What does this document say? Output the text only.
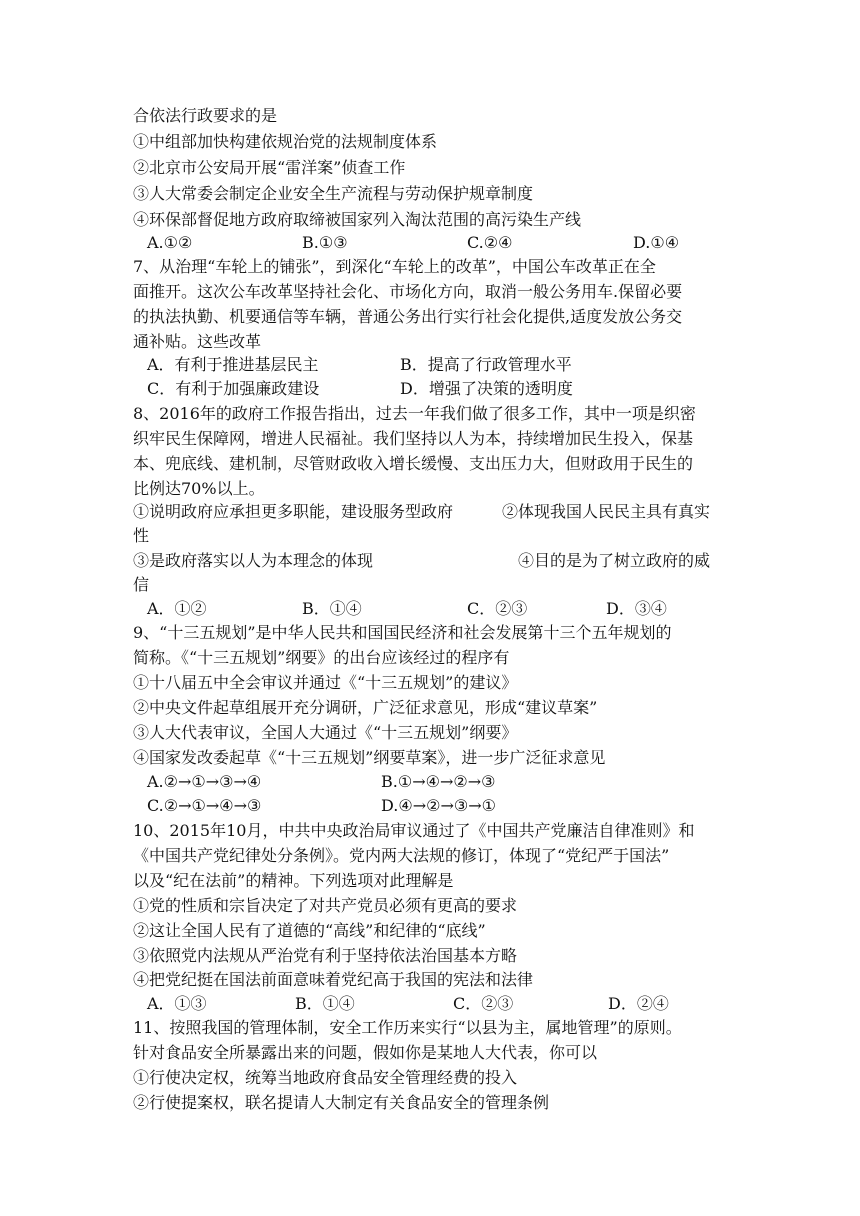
合依法行政要求的是
①中组部加快构建依规治党的法规制度体系
②北京市公安局开展“雷洋案”侦查工作
③人大常委会制定企业安全生产流程与劳动保护规章制度
④环保部督促地方政府取缔被国家列入淘汰范围的高污染生产线
A.①②	B.①③	C.②④	D.①④
7、从治理“车轮上的铺张”，到深化“车轮上的改革”，中国公车改革正在全
面推开。这次公车改革坚持社会化、市场化方向，取消一般公务用车.保留必要
的执法执勤、机要通信等车辆，普通公务出行实行社会化提供,适度发放公务交
通补贴。这些改革
A．有利于推进基层民主	B．提高了行政管理水平
C．有利于加强廉政建设	D．增强了决策的透明度
8、2016年的政府工作报告指出，过去一年我们做了很多工作，其中一项是织密
织牢民生保障网，增进人民福祉。我们坚持以人为本，持续增加民生投入，保基
本、兜底线、建机制，尽管财政收入增长缓慢、支出压力大，但财政用于民生的
比例达70%以上。
①说明政府应承担更多职能，建设服务型政府	②体现我国人民民主具有真实
性
③是政府落实以人为本理念的体现	④目的是为了树立政府的威
信
A．①②	B．①④	C．②③	D．③④
9、“十三五规划”是中华人民共和国国民经济和社会发展第十三个五年规划的
简称。《“十三五规划”纲要》的出台应该经过的程序有
①十八届五中全会审议并通过《“十三五规划”的建议》
②中央文件起草组展开充分调研，广泛征求意见，形成“建议草案”
③人大代表审议，全国人大通过《“十三五规划”纲要》
④国家发改委起草《“十三五规划”纲要草案》，进一步广泛征求意见
A.②→①→③→④	B.①→④→②→③
C.②→①→④→③	D.④→②→③→①
10、2015年10月，中共中央政治局审议通过了《中国共产党廉洁自律准则》和
《中国共产党纪律处分条例》。党内两大法规的修订，体现了“党纪严于国法”
以及“纪在法前”的精神。下列选项对此理解是
①党的性质和宗旨决定了对共产党员必须有更高的要求
②这让全国人民有了道德的“高线”和纪律的“底线”
③依照党内法规从严治党有利于坚持依法治国基本方略
④把党纪挺在国法前面意味着党纪高于我国的宪法和法律
A．①③	B．①④	C．②③	D．②④
11、按照我国的管理体制，安全工作历来实行“以县为主，属地管理”的原则。
针对食品安全所暴露出来的问题，假如你是某地人大代表，你可以
①行使决定权，统筹当地政府食品安全管理经费的投入
②行使提案权，联名提请人大制定有关食品安全的管理条例
